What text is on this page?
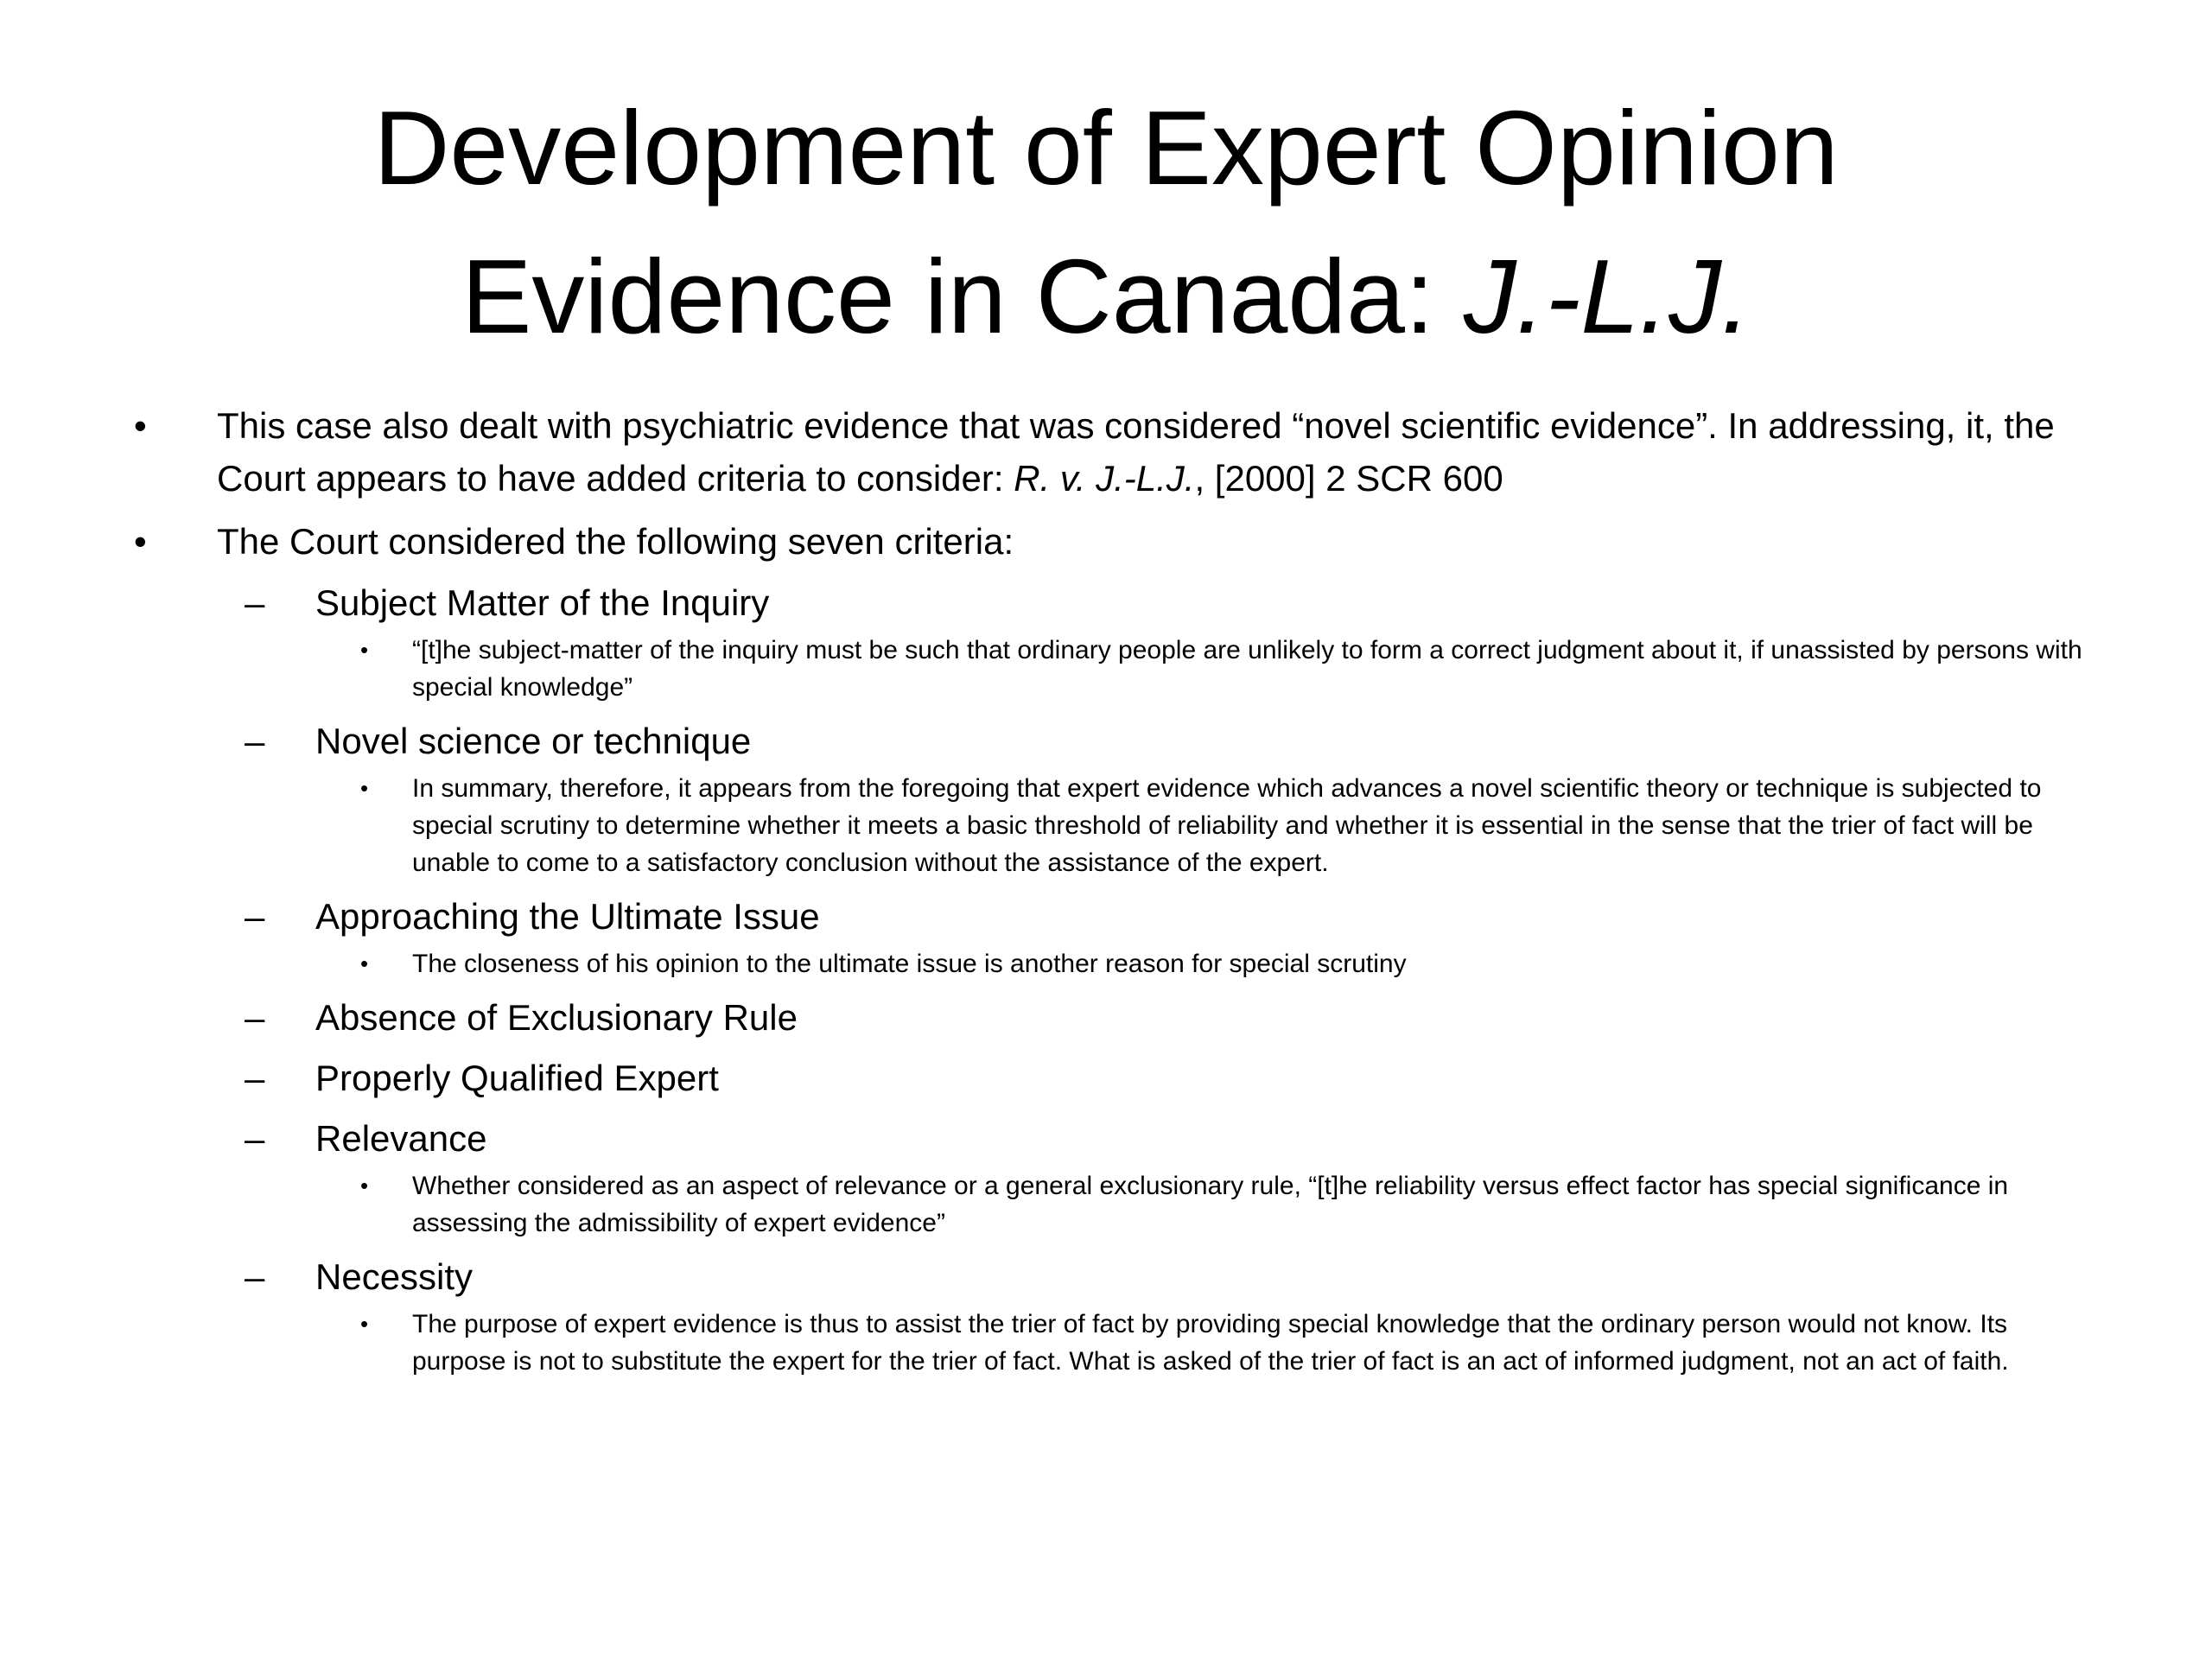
Development of Expert Opinion
Evidence in Canada: J.-L.J.
• This case also dealt with psychiatric evidence that was considered “novel scientific evidence”. In addressing, it, the Court appears to have added criteria to consider: R. v. J.-L.J., [2000] 2 SCR 600
• The Court considered the following seven criteria:
– Subject Matter of the Inquiry
• “[t]he subject-matter of the inquiry must be such that ordinary people are unlikely to form a correct judgment about it, if unassisted by persons with special knowledge”
– Novel science or technique
• In summary, therefore, it appears from the foregoing that expert evidence which advances a novel scientific theory or technique is subjected to special scrutiny to determine whether it meets a basic threshold of reliability and whether it is essential in the sense that the trier of fact will be unable to come to a satisfactory conclusion without the assistance of the expert.
– Approaching the Ultimate Issue
• The closeness of his opinion to the ultimate issue is another reason for special scrutiny
– Absence of Exclusionary Rule
– Properly Qualified Expert
– Relevance
• Whether considered as an aspect of relevance or a general exclusionary rule, “[t]he reliability versus effect factor has special significance in assessing the admissibility of expert evidence”
– Necessity
• The purpose of expert evidence is thus to assist the trier of fact by providing special knowledge that the ordinary person would not know. Its purpose is not to substitute the expert for the trier of fact. What is asked of the trier of fact is an act of informed judgment, not an act of faith.
